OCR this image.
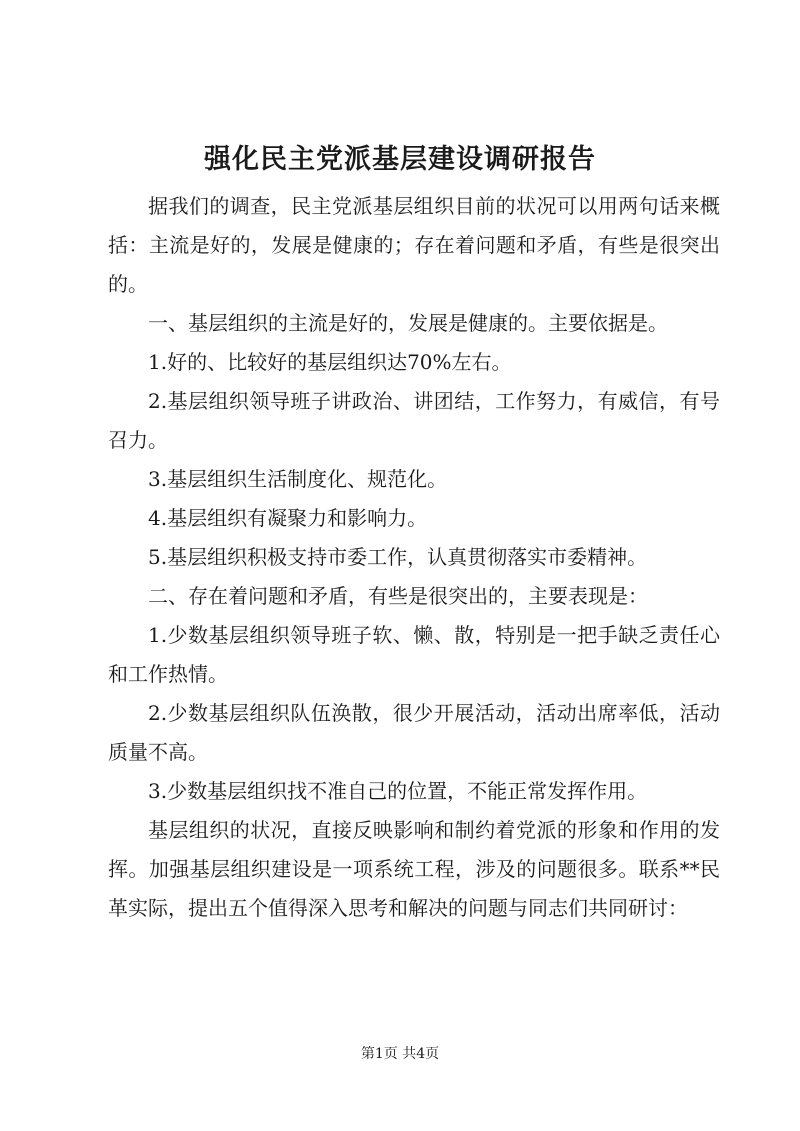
强化民主党派基层建设调研报告

据我们的调查，民主党派基层组织目前的状况可以用两句话来概括：主流是好的，发展是健康的；存在着问题和矛盾，有些是很突出的。

一、基层组织的主流是好的，发展是健康的。主要依据是。

1.好的、比较好的基层组织达70%左右。

2.基层组织领导班子讲政治、讲团结，工作努力，有威信，有号召力。

3.基层组织生活制度化、规范化。

4.基层组织有凝聚力和影响力。

5.基层组织积极支持市委工作，认真贯彻落实市委精神。

二、存在着问题和矛盾，有些是很突出的，主要表现是：

1.少数基层组织领导班子软、懒、散，特别是一把手缺乏责任心和工作热情。

2.少数基层组织队伍涣散，很少开展活动，活动出席率低，活动质量不高。

3.少数基层组织找不准自己的位置，不能正常发挥作用。

基层组织的状况，直接反映影响和制约着党派的形象和作用的发挥。加强基层组织建设是一项系统工程，涉及的问题很多。联系**民革实际，提出五个值得深入思考和解决的问题与同志们共同研讨：

第1页 共4页
